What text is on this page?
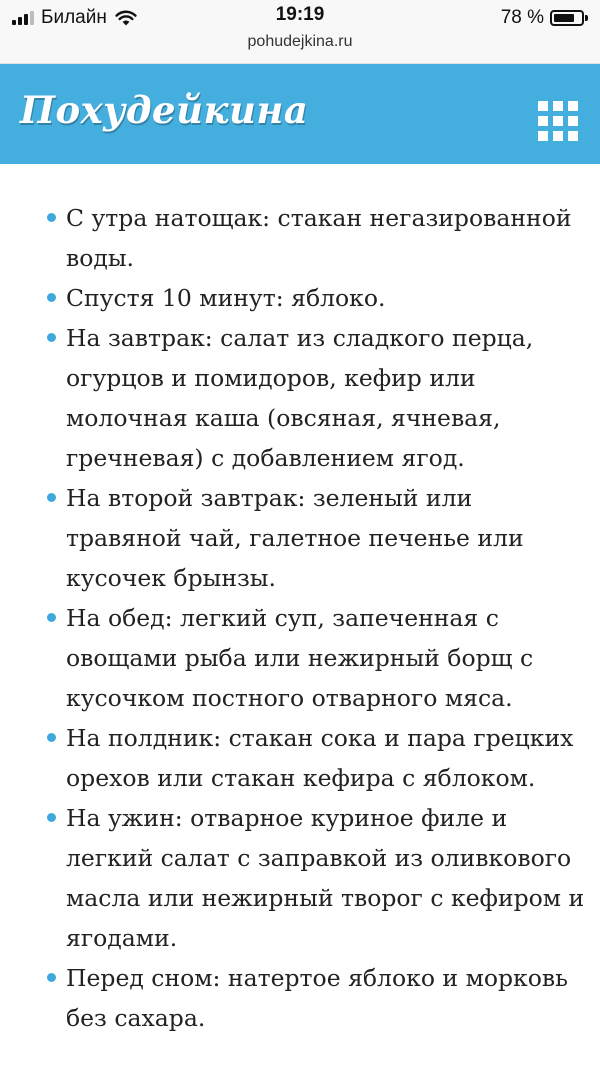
Билайн	19:19	78 %
pohudejkina.ru
Похудейкина
С утра натощак: стакан негазированной воды.
Спустя 10 минут: яблоко.
На завтрак: салат из сладкого перца, огурцов и помидоров, кефир или молочная каша (овсяная, ячневая, гречневая) с добавлением ягод.
На второй завтрак: зеленый или травяной чай, галетное печенье или кусочек брынзы.
На обед: легкий суп, запеченная с овощами рыба или нежирный борщ с кусочком постного отварного мяса.
На полдник: стакан сока и пара грецких орехов или стакан кефира с яблоком.
На ужин: отварное куриное филе и легкий салат с заправкой из оливкового масла или нежирный творог с кефиром и ягодами.
Перед сном: натертое яблоко и морковь без сахара.
